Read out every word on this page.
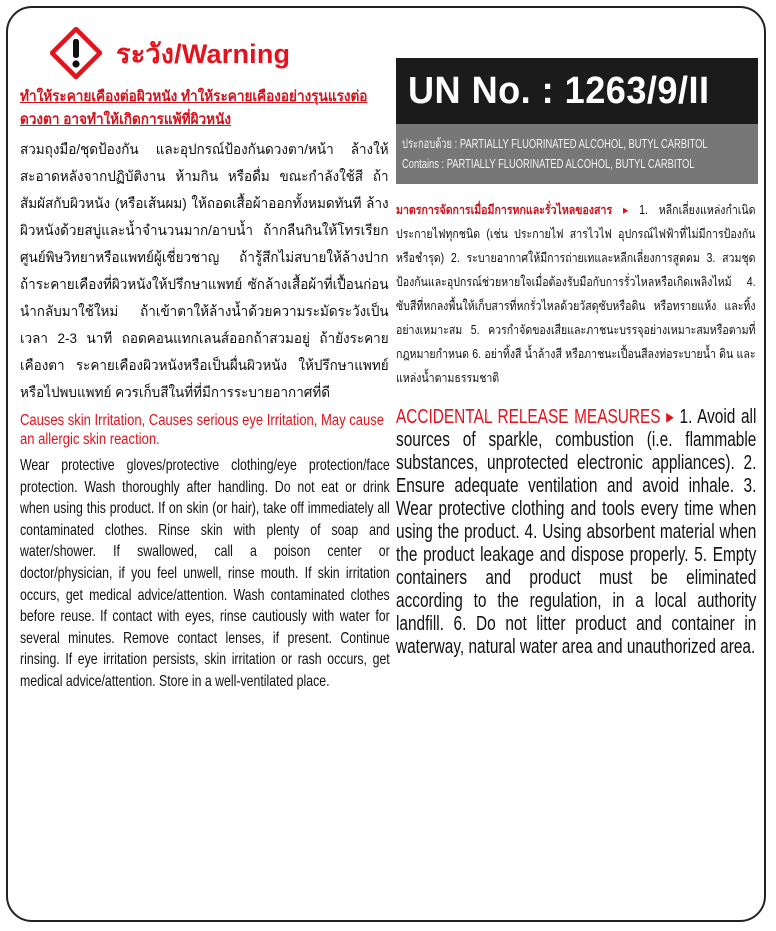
ระวัง/Warning
ทำให้ระคายเคืองต่อผิวหนัง ทำให้ระคายเคืองอย่างรุนแรงต่อดวงตา อาจทำให้เกิดการแพ้ที่ผิวหนัง
สวมถุงมือ/ชุดป้องกัน และอุปกรณ์ป้องกันดวงตา/หน้า ล้างให้สะอาดหลังจากปฏิบัติงาน ห้ามกิน หรือดื่ม ขณะกำลังใช้สี ถ้าสัมผัสกับผิวหนัง (หรือเส้นผม) ให้ถอดเสื้อผ้าออกทั้งหมดทันที ล้างผิวหนังด้วยสบู่และน้ำจำนวนมาก/อาบน้ำ ถ้ากลืนกินให้โทรเรียกศูนย์พิษวิทยาหรือแพทย์ผู้เชี่ยวชาญ ถ้ารู้สึกไม่สบายให้ล้างปาก ถ้าระคายเคืองที่ผิวหนังให้ปรึกษาแพทย์ ซักล้างเสื้อผ้าที่เปื้อนก่อนนำกลับมาใช้ใหม่ ถ้าเข้าตาให้ล้างน้ำด้วยความระมัดระวังเป็นเวลา 2-3 นาที ถอดคอนแทกเลนส์ออกถ้าสวมอยู่ ถ้ายังระคายเคืองตา ระคายเคืองผิวหนังหรือเป็นผื่นผิวหนัง ให้ปรึกษาแพทย์หรือไปพบแพทย์ ควรเก็บสีในที่ที่มีการระบายอากาศที่ดี
Causes skin Irritation, Causes serious eye Irritation, May cause an allergic skin reaction.
Wear protective gloves/protective clothing/eye protection/face protection. Wash thoroughly after handling. Do not eat or drink when using this product. If on skin (or hair), take off immediately all contaminated clothes. Rinse skin with plenty of soap and water/shower. If swallowed, call a poison center or doctor/physician, if you feel unwell, rinse mouth. If skin irritation occurs, get medical advice/attention. Wash contaminated clothes before reuse. If contact with eyes, rinse cautiously with water for several minutes. Remove contact lenses, if present. Continue rinsing. If eye irritation persists, skin irritation or rash occurs, get medical advice/attention. Store in a well-ventilated place.
UN No. : 1263/9/II
ประกอบด้วย : PARTIALLY FLUORINATED ALCOHOL, BUTYL CARBITOL
Contains : PARTIALLY FLUORINATED ALCOHOL, BUTYL CARBITOL
มาตรการจัดการเมื่อมีการหกและรั่วไหลของสาร ▸ 1. หลีกเลี่ยงแหล่งกำเนิดประกายไฟทุกชนิด (เช่น ประกายไฟ สารไวไฟ อุปกรณ์ไฟฟ้าที่ไม่มีการป้องกันหรือชำรุด) 2. ระบายอากาศให้มีการถ่ายเทและหลีกเลี่ยงการสูดดม 3. สวมชุดป้องกันและอุปกรณ์ช่วยหายใจเมื่อต้องรับมือกับการรั่วไหลหรือเกิดเพลิงไหม้ 4. ซับสีที่หกลงพื้นให้เก็บสารที่หกรั่วไหลด้วยวัสดุซับหรือดิน หรือทรายแห้ง และทิ้งอย่างเหมาะสม 5. ควรกำจัดของเสียและภาชนะบรรจุอย่างเหมาะสมหรือตามที่กฎหมายกำหนด 6. อย่าทิ้งสี น้ำล้างสี หรือภาชนะเปื้อนสีลงท่อระบายน้ำ ดิน และแหล่งน้ำตามธรรมชาติ
ACCIDENTAL RELEASE MEASURES ▸ 1. Avoid all sources of sparkle, combustion (i.e. flammable substances, unprotected electronic appliances). 2. Ensure adequate ventilation and avoid inhale. 3. Wear protective clothing and tools every time when using the product. 4. Using absorbent material when the product leakage and dispose properly. 5. Empty containers and product must be eliminated according to the regulation, in a local authority landfill. 6. Do not litter product and container in waterway, natural water area and unauthorized area.
